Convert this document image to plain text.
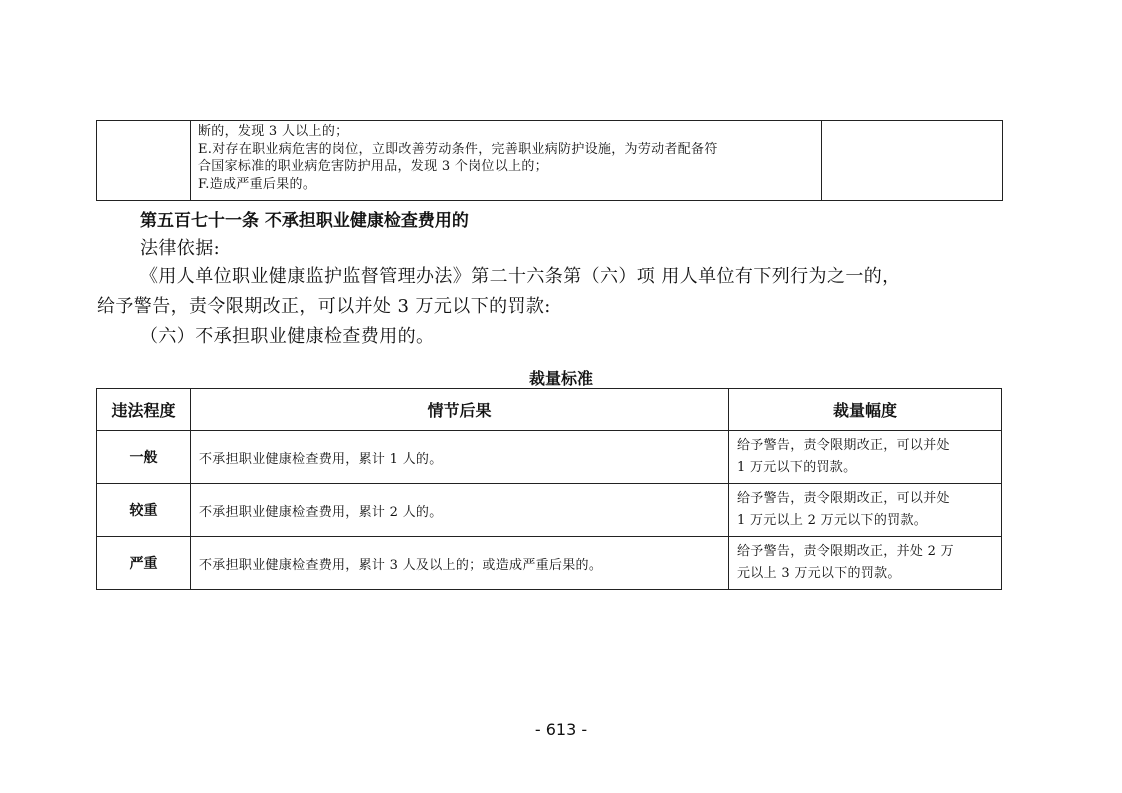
断的，发现 3 人以上的；
E.对存在职业病危害的岗位，立即改善劳动条件，完善职业病防护设施，为劳动者配备符
合国家标准的职业病危害防护用品，发现 3 个岗位以上的；
F.造成严重后果的。

第五百七十一条 不承担职业健康检查费用的
法律依据:
《用人单位职业健康监护监督管理办法》第二十六条第（六）项 用人单位有下列行为之一的，
给予警告，责令限期改正，可以并处 3 万元以下的罚款:
（六）不承担职业健康检查费用的。
裁量标准
违法程度	情节后果	裁量幅度
一般	不承担职业健康检查费用，累计 1 人的。	给予警告，责令限期改正，可以并处
1 万元以下的罚款。

较重	不承担职业健康检查费用，累计 2 人的。	给予警告，责令限期改正，可以并处
1 万元以上 2 万元以下的罚款。

严重	不承担职业健康检查费用，累计 3 人及以上的；或造成严重后果的。	给予警告，责令限期改正，并处 2 万
元以上 3 万元以下的罚款。
- 613 -
